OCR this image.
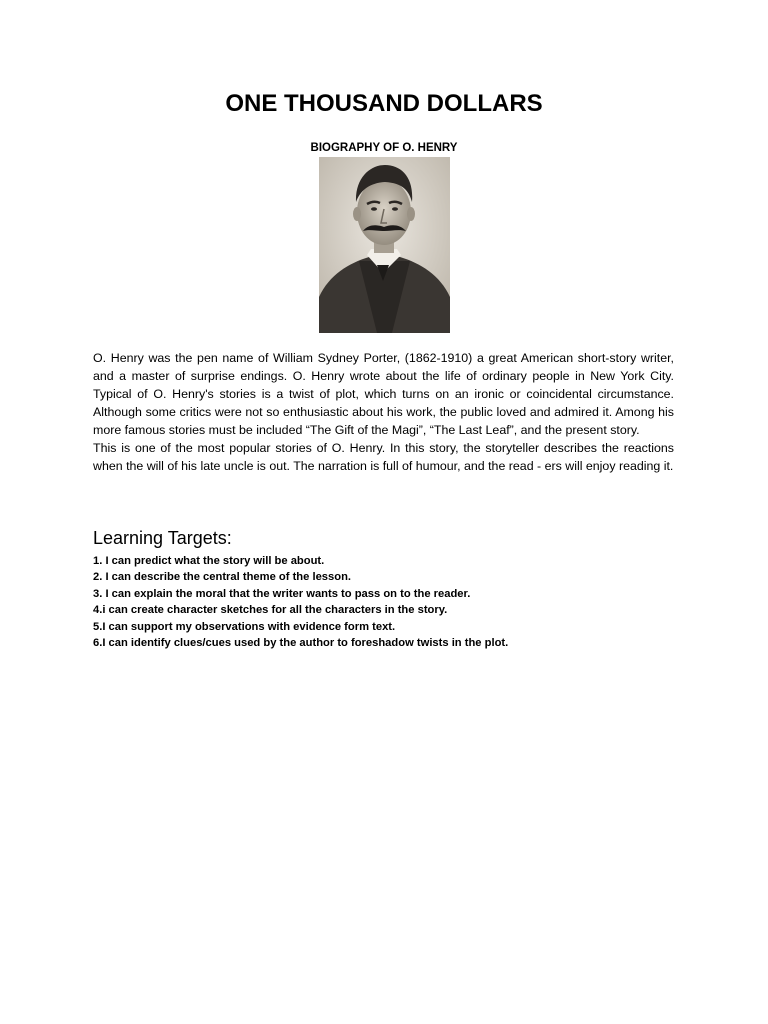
ONE THOUSAND DOLLARS
BIOGRAPHY OF O. HENRY

O. Henry was the pen name of William Sydney Porter, (1862-1910) a great American short-story writer, and a master of surprise endings. O. Henry wrote about the life of ordinary people in New York City. Typical of O. Henry's stories is a twist of plot, which turns on an ironic or coincidental circumstance. Although some critics were not so enthusiastic about his work, the public loved and admired it. Among his more famous stories must be included “The Gift of the Magi”, “The Last Leaf”, and the present story.

This is one of the most popular stories of O. Henry. In this story, the storyteller describes the reactions when the will of his late uncle is out. The narration is full of humour, and the read - ers will enjoy reading it.

Learning Targets:
1. I can predict what the story will be about.
2. I can describe the central theme of the lesson.
3. I can explain the moral that the writer wants to pass on to the reader.
4.i can create character sketches for all the characters in the story.
5.I can support my observations with evidence form text.
6.I can identify clues/cues used by the author to foreshadow twists in the plot.
